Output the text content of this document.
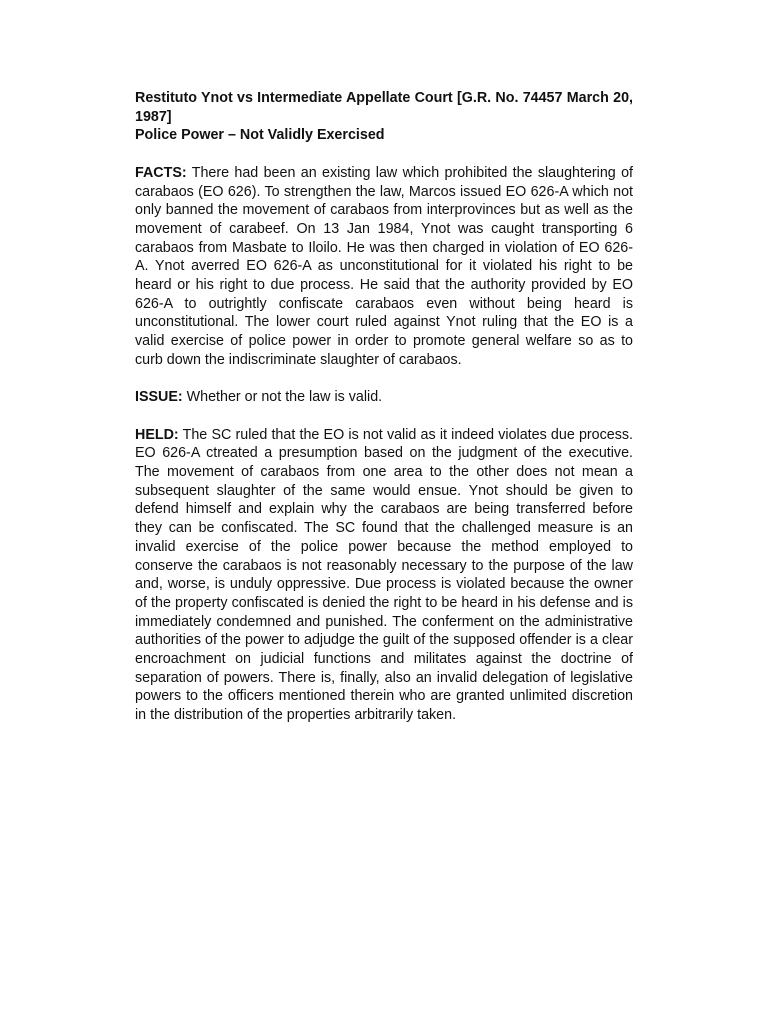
Restituto Ynot vs Intermediate Appellate Court [G.R. No. 74457 March 20, 1987]

Police Power – Not Validly Exercised

FACTS: There had been an existing law which prohibited the slaughtering of carabaos (EO 626). To strengthen the law, Marcos issued EO 626-A which not only banned the movement of carabaos from interprovinces but as well as the movement of carabeef. On 13 Jan 1984, Ynot was caught transporting 6 carabaos from Masbate to Iloilo. He was then charged in violation of EO 626-A. Ynot averred EO 626-A as unconstitutional for it violated his right to be heard or his right to due process. He said that the authority provided by EO 626-A to outrightly confiscate carabaos even without being heard is unconstitutional. The lower court ruled against Ynot ruling that the EO is a valid exercise of police power in order to promote general welfare so as to curb down the indiscriminate slaughter of carabaos.

ISSUE: Whether or not the law is valid.

HELD: The SC ruled that the EO is not valid as it indeed violates due process. EO 626-A ctreated a presumption based on the judgment of the executive. The movement of carabaos from one area to the other does not mean a subsequent slaughter of the same would ensue. Ynot should be given to defend himself and explain why the carabaos are being transferred before they can be confiscated. The SC found that the challenged measure is an invalid exercise of the police power because the method employed to conserve the carabaos is not reasonably necessary to the purpose of the law and, worse, is unduly oppressive. Due process is violated because the owner of the property confiscated is denied the right to be heard in his defense and is immediately condemned and punished. The conferment on the administrative authorities of the power to adjudge the guilt of the supposed offender is a clear encroachment on judicial functions and militates against the doctrine of separation of powers. There is, finally, also an invalid delegation of legislative powers to the officers mentioned therein who are granted unlimited discretion in the distribution of the properties arbitrarily taken.
